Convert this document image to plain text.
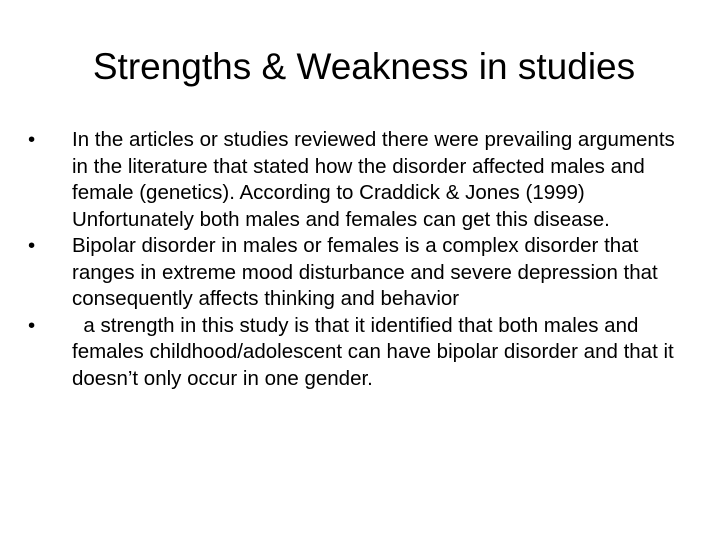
Strengths & Weakness in studies
•	In the articles or studies reviewed there were prevailing arguments in the literature that stated how the disorder affected males and female (genetics). According to Craddick & Jones (1999) Unfortunately both males and females can get this disease.
•	Bipolar disorder in males or females is a complex disorder that ranges in extreme mood disturbance and severe depression that consequently affects thinking and behavior
•	a strength in this study is that it identified that both males and females childhood/adolescent can have bipolar disorder and that it doesn’t only occur in one gender.
